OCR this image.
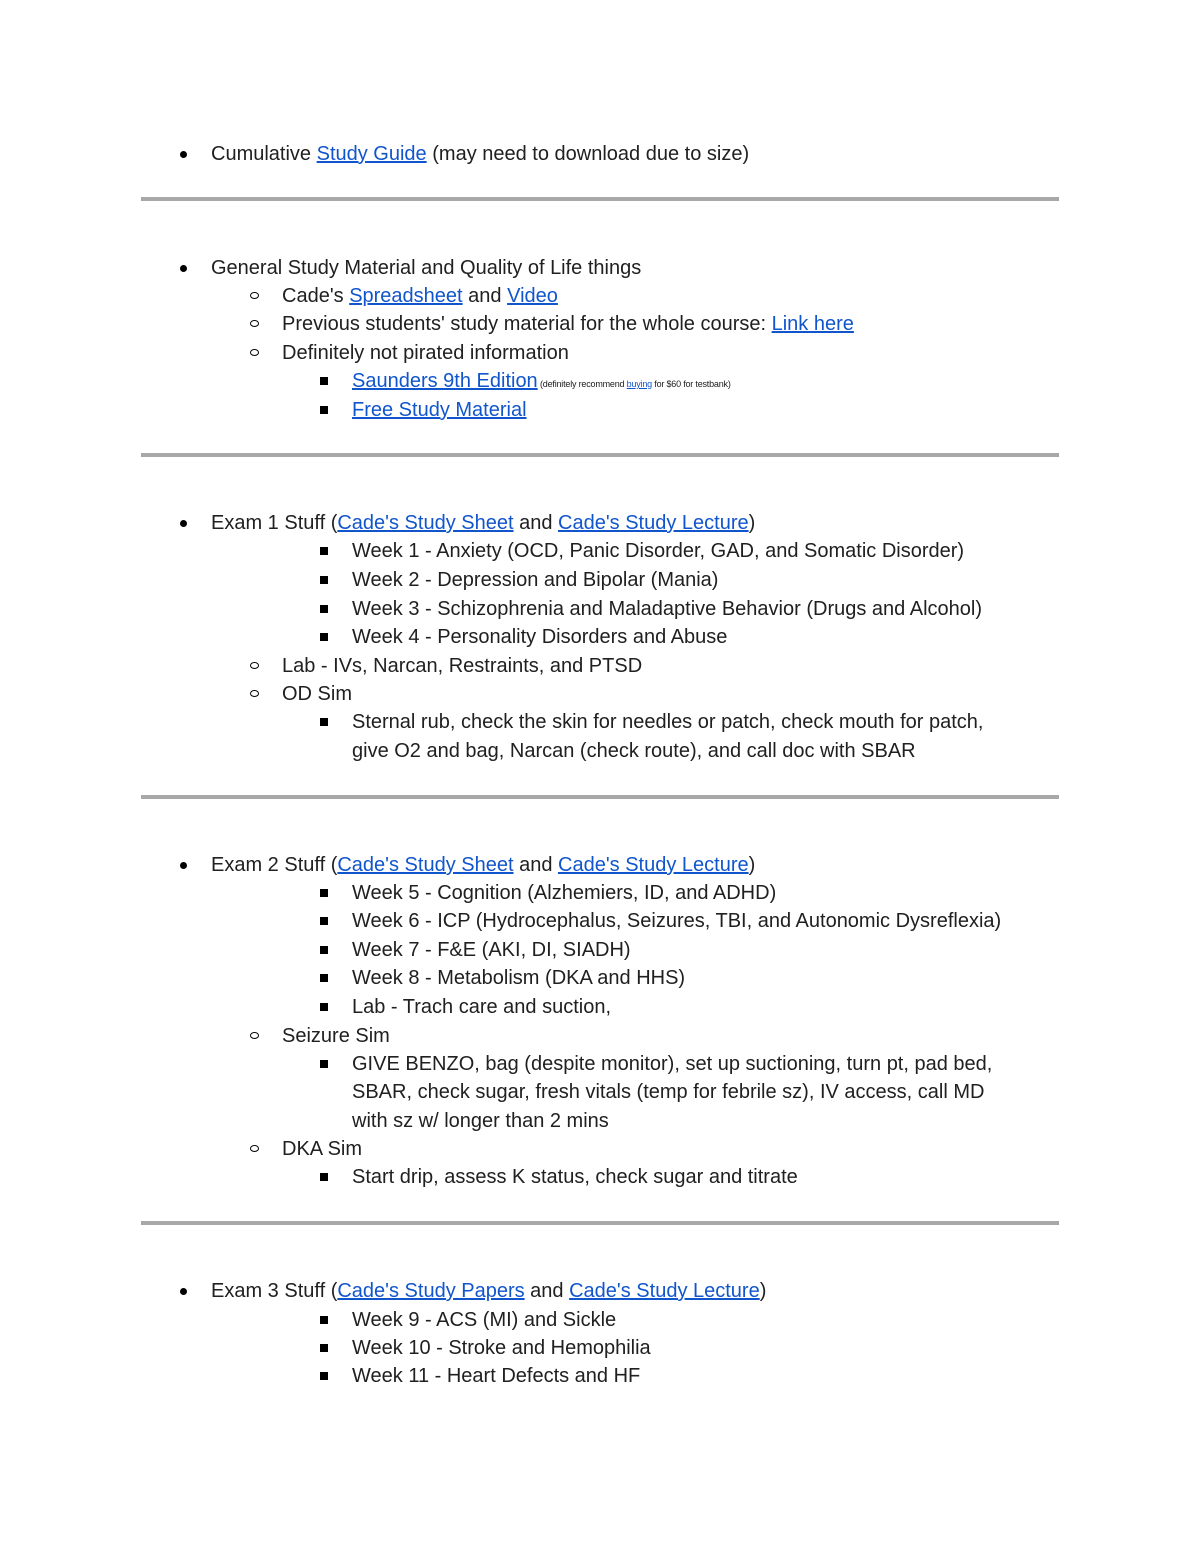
Cumulative Study Guide (may need to download due to size)
General Study Material and Quality of Life things
Cade's Spreadsheet and Video
Previous students' study material for the whole course: Link here
Definitely not pirated information
Saunders 9th Edition (definitely recommend buying for $60 for testbank)
Free Study Material
Exam 1 Stuff (Cade's Study Sheet and Cade's Study Lecture)
Week 1 - Anxiety (OCD, Panic Disorder, GAD, and Somatic Disorder)
Week 2 - Depression and Bipolar (Mania)
Week 3 - Schizophrenia and Maladaptive Behavior (Drugs and Alcohol)
Week 4 - Personality Disorders and Abuse
Lab - IVs, Narcan, Restraints, and PTSD
OD Sim
Sternal rub, check the skin for needles or patch, check mouth for patch,
give O2 and bag, Narcan (check route), and call doc with SBAR
Exam 2 Stuff (Cade's Study Sheet and Cade's Study Lecture)
Week 5 - Cognition (Alzhemiers, ID, and ADHD)
Week 6 - ICP (Hydrocephalus, Seizures, TBI, and Autonomic Dysreflexia)
Week 7 - F&E (AKI, DI, SIADH)
Week 8 - Metabolism (DKA and HHS)
Lab - Trach care and suction,
Seizure Sim
GIVE BENZO, bag (despite monitor), set up suctioning, turn pt, pad bed,
SBAR, check sugar, fresh vitals (temp for febrile sz), IV access, call MD
with sz w/ longer than 2 mins
DKA Sim
Start drip, assess K status, check sugar and titrate
Exam 3 Stuff (Cade's Study Papers and Cade's Study Lecture)
Week 9 - ACS (MI) and Sickle
Week 10 - Stroke and Hemophilia
Week 11 - Heart Defects and HF
